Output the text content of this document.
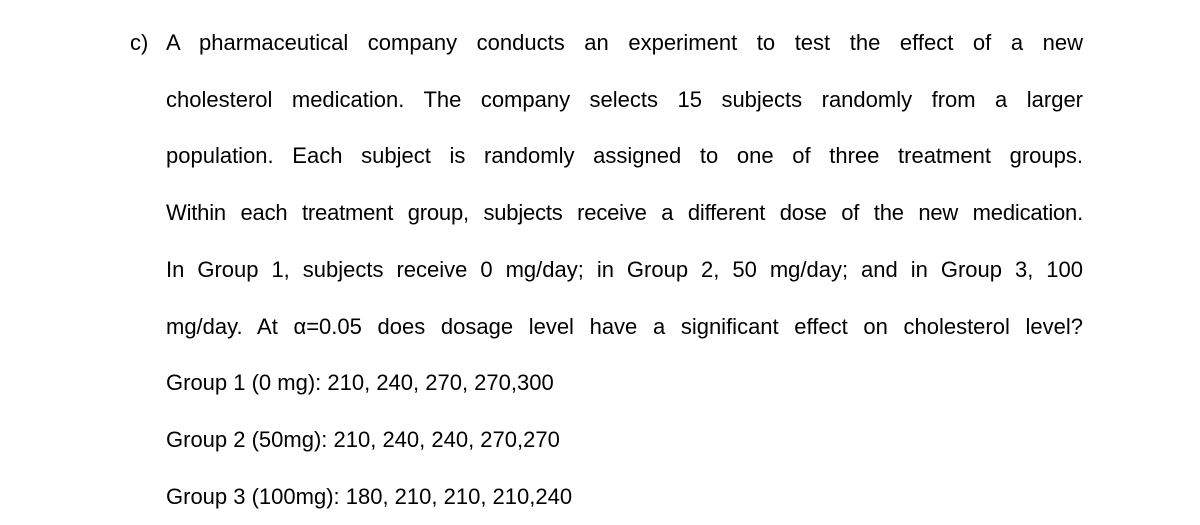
c) A pharmaceutical company conducts an experiment to test the effect of a new
cholesterol medication. The company selects 15 subjects randomly from a larger
population. Each subject is randomly assigned to one of three treatment groups.
Within each treatment group, subjects receive a different dose of the new medication.
In Group 1, subjects receive 0 mg/day; in Group 2, 50 mg/day; and in Group 3, 100
mg/day. At α=0.05 does dosage level have a significant effect on cholesterol level?
Group 1 (0 mg): 210, 240, 270, 270,300
Group 2 (50mg): 210, 240, 240, 270,270
Group 3 (100mg): 180, 210, 210, 210,240
